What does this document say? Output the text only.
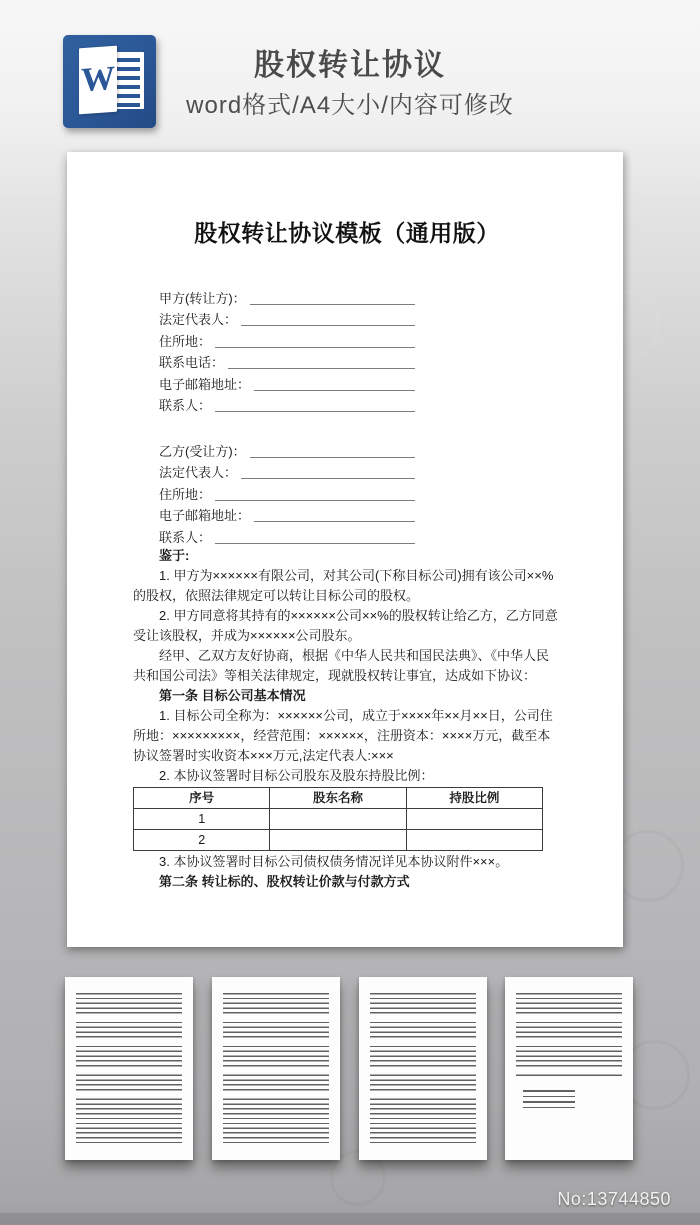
W	股权转让协议
word格式/A4大小/内容可修改
股权转让协议模板（通用版）
甲方(转让方)：
法定代表人：
住所地：
联系电话：
电子邮箱地址：
联系人：
乙方(受让方)：
法定代表人：
住所地：
电子邮箱地址：
联系人：

鉴于:

1. 甲方为××××××有限公司，对其公司(下称目标公司)拥有该公司××%的股权，依照法律规定可以转让目标公司的股权。

2. 甲方同意将其持有的××××××公司××%的股权转让给乙方，乙方同意受让该股权，并成为××××××公司股东。

经甲、乙双方友好协商，根据《中华人民共和国民法典》、《中华人民共和国公司法》等相关法律规定，现就股权转让事宜，达成如下协议：

第一条 目标公司基本情况

1. 目标公司全称为：××××××公司，成立于××××年××月××日，公司住所地：×××××××××，经营范围：××××××，注册资本：××××万元，截至本协议签署时实收资本×××万元,法定代表人:×××

2. 本协议签署时目标公司股东及股东持股比例：

序号	股东名称	持股比例
1		
2		

3. 本协议签署时目标公司债权债务情况详见本协议附件×××。

第二条 转让标的、股权转让价款与付款方式

No:13744850
